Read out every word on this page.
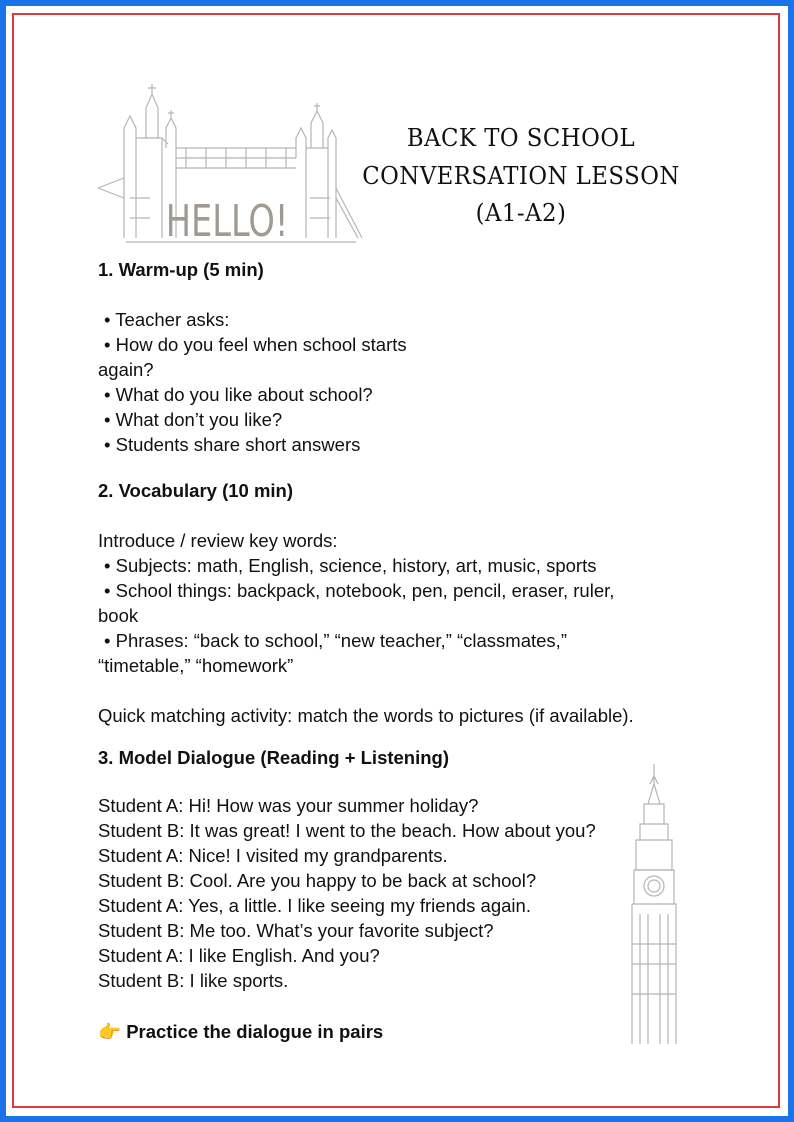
HELLO!
BACK TO SCHOOL
CONVERSATION LESSON
(A1-A2)
1. Warm-up (5 min)
• Teacher asks:
• How do you feel when school starts
again?
• What do you like about school?
• What don’t you like?
• Students share short answers
2. Vocabulary (10 min)
Introduce / review key words:
• Subjects: math, English, science, history, art, music, sports
• School things: backpack, notebook, pen, pencil, eraser, ruler,
book
• Phrases: “back to school,” “new teacher,” “classmates,”
“timetable,” “homework”
Quick matching activity: match the words to pictures (if available).
3. Model Dialogue (Reading + Listening)
Student A: Hi! How was your summer holiday?
Student B: It was great! I went to the beach. How about you?
Student A: Nice! I visited my grandparents.
Student B: Cool. Are you happy to be back at school?
Student A: Yes, a little. I like seeing my friends again.
Student B: Me too. What’s your favorite subject?
Student A: I like English. And you?
Student B: I like sports.
👉 Practice the dialogue in pairs
